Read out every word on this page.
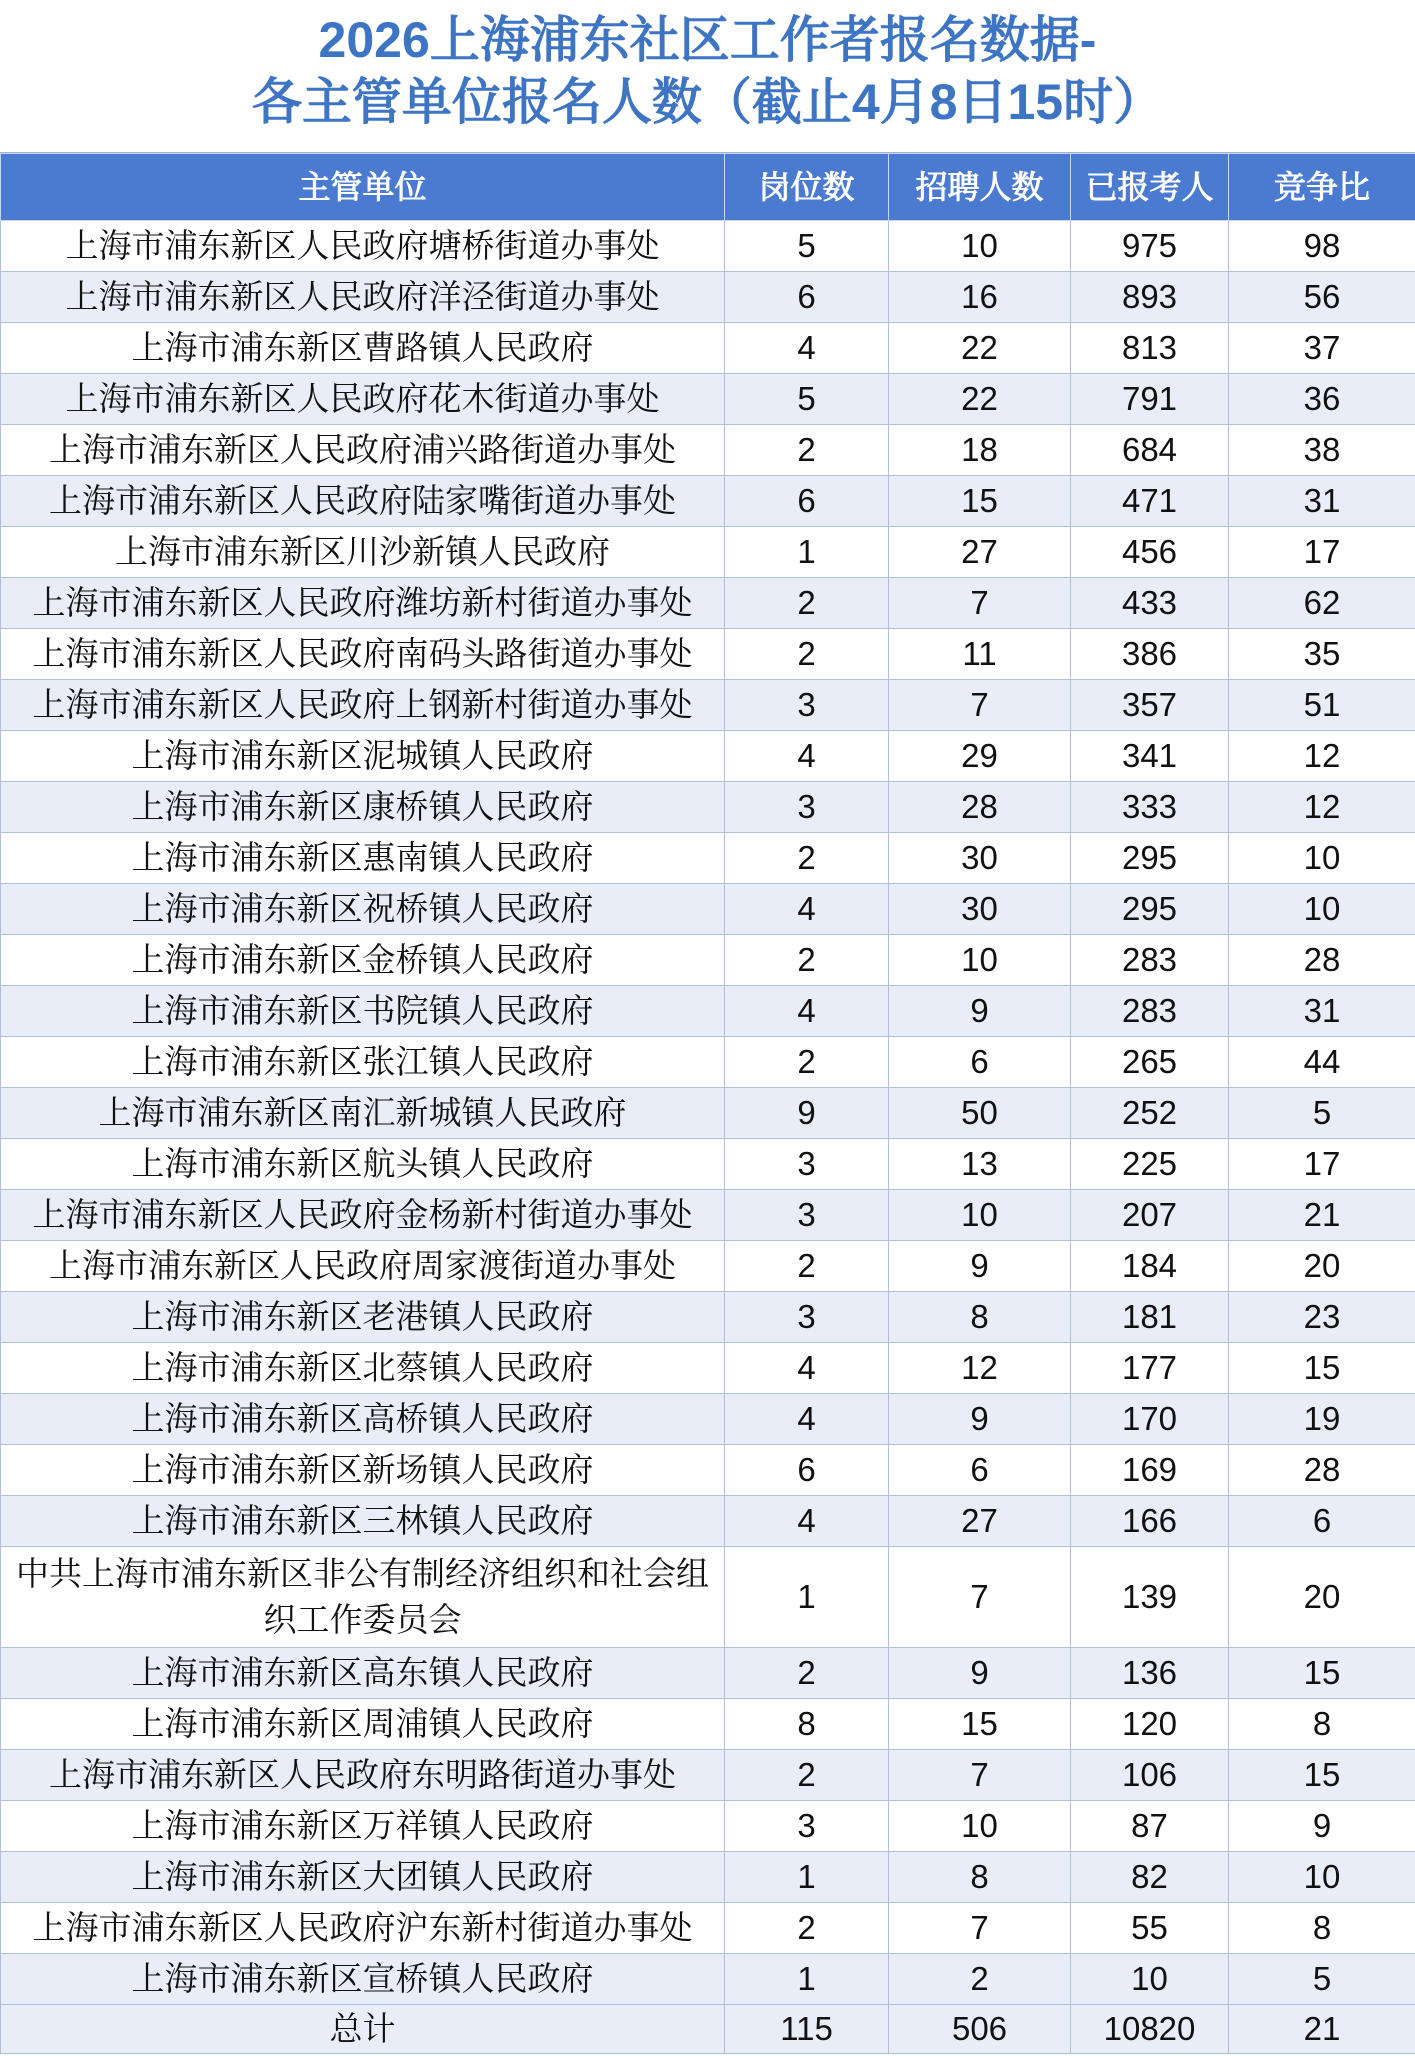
2026上海浦东社区工作者报名数据-
各主管单位报名人数（截止4月8日15时）
主管单位	岗位数	招聘人数	已报考人	竞争比
上海市浦东新区人民政府塘桥街道办事处	5	10	975	98
上海市浦东新区人民政府洋泾街道办事处	6	16	893	56
上海市浦东新区曹路镇人民政府	4	22	813	37
上海市浦东新区人民政府花木街道办事处	5	22	791	36
上海市浦东新区人民政府浦兴路街道办事处	2	18	684	38
上海市浦东新区人民政府陆家嘴街道办事处	6	15	471	31
上海市浦东新区川沙新镇人民政府	1	27	456	17
上海市浦东新区人民政府潍坊新村街道办事处	2	7	433	62
上海市浦东新区人民政府南码头路街道办事处	2	11	386	35
上海市浦东新区人民政府上钢新村街道办事处	3	7	357	51
上海市浦东新区泥城镇人民政府	4	29	341	12
上海市浦东新区康桥镇人民政府	3	28	333	12
上海市浦东新区惠南镇人民政府	2	30	295	10
上海市浦东新区祝桥镇人民政府	4	30	295	10
上海市浦东新区金桥镇人民政府	2	10	283	28
上海市浦东新区书院镇人民政府	4	9	283	31
上海市浦东新区张江镇人民政府	2	6	265	44
上海市浦东新区南汇新城镇人民政府	9	50	252	5
上海市浦东新区航头镇人民政府	3	13	225	17
上海市浦东新区人民政府金杨新村街道办事处	3	10	207	21
上海市浦东新区人民政府周家渡街道办事处	2	9	184	20
上海市浦东新区老港镇人民政府	3	8	181	23
上海市浦东新区北蔡镇人民政府	4	12	177	15
上海市浦东新区高桥镇人民政府	4	9	170	19
上海市浦东新区新场镇人民政府	6	6	169	28
上海市浦东新区三林镇人民政府	4	27	166	6
中共上海市浦东新区非公有制经济组织和社会组织工作委员会	1	7	139	20
上海市浦东新区高东镇人民政府	2	9	136	15
上海市浦东新区周浦镇人民政府	8	15	120	8
上海市浦东新区人民政府东明路街道办事处	2	7	106	15
上海市浦东新区万祥镇人民政府	3	10	87	9
上海市浦东新区大团镇人民政府	1	8	82	10
上海市浦东新区人民政府沪东新村街道办事处	2	7	55	8
上海市浦东新区宣桥镇人民政府	1	2	10	5
总计	115	506	10820	21
